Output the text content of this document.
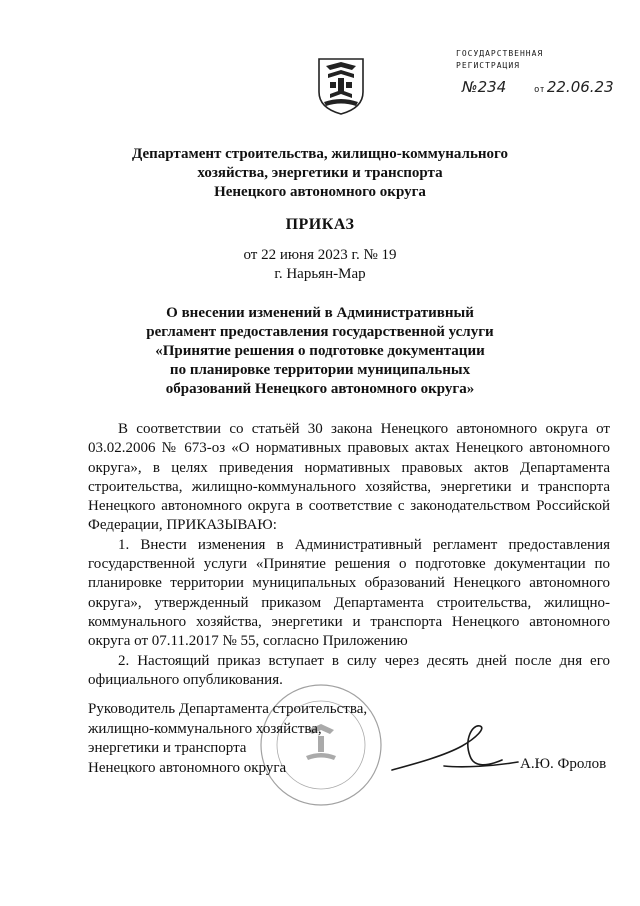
ГОСУДАРСТВЕННАЯ
РЕГИСТРАЦИЯ
№234	от 22.06.23
Департамент строительства, жилищно-коммунального
хозяйства, энергетики и транспорта
Ненецкого автономного округа
ПРИКАЗ
от 22 июня 2023 г. № 19
г. Нарьян-Мар
О внесении изменений в Административный
регламент предоставления государственной услуги
«Принятие решения о подготовке документации
по планировке территории муниципальных
образований Ненецкого автономного округа»

В соответствии со статьёй 30 закона Ненецкого автономного округа от 03.02.2006 № 673-оз «О нормативных правовых актах Ненецкого автономного округа», в целях приведения нормативных правовых актов Департамента строительства, жилищно-коммунального хозяйства, энергетики и транспорта Ненецкого автономного округа в соответствие с законодательством Российской Федерации, ПРИКАЗЫВАЮ:

1. Внести изменения в Административный регламент предоставления государственной услуги «Принятие решения о подготовке документации по планировке территории муниципальных образований Ненецкого автономного округа», утвержденный приказом Департамента строительства, жилищно-коммунального хозяйства, энергетики и транспорта Ненецкого автономного округа от 07.11.2017 № 55, согласно Приложению

2. Настоящий приказ вступает в силу через десять дней после дня его официального опубликования.

Руководитель Департамента строительства,
жилищно-коммунального хозяйства,
энергетики и транспорта
Ненецкого автономного округа	А.Ю. Фролов
